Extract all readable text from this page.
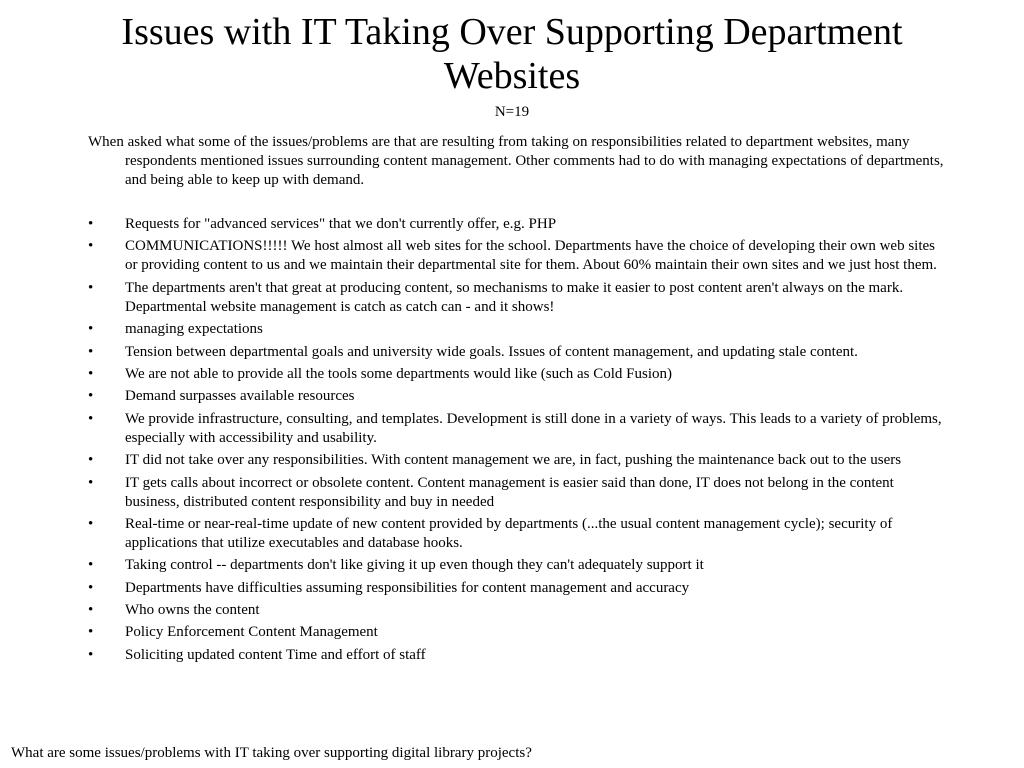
Issues with IT Taking Over Supporting Department Websites
N=19

When asked what some of the issues/problems are that are resulting from taking on responsibilities related to department websites, many respondents mentioned issues surrounding content management. Other comments had to do with managing expectations of departments, and being able to keep up with demand.

• Requests for "advanced services" that we don't currently offer, e.g. PHP
• COMMUNICATIONS!!!!! We host almost all web sites for the school. Departments have the choice of developing their own web sites or providing content to us and we maintain their departmental site for them. About 60% maintain their own sites and we just host them.
• The departments aren't that great at producing content, so mechanisms to make it easier to post content aren't always on the mark. Departmental website management is catch as catch can - and it shows!
• managing expectations
• Tension between departmental goals and university wide goals. Issues of content management, and updating stale content.
• We are not able to provide all the tools some departments would like (such as Cold Fusion)
• Demand surpasses available resources
• We provide infrastructure, consulting, and templates. Development is still done in a variety of ways. This leads to a variety of problems, especially with accessibility and usability.
• IT did not take over any responsibilities. With content management we are, in fact, pushing the maintenance back out to the users
• IT gets calls about incorrect or obsolete content. Content management is easier said than done, IT does not belong in the content business, distributed content responsibility and buy in needed
• Real-time or near-real-time update of new content provided by departments (...the usual content management cycle); security of applications that utilize executables and database hooks.
• Taking control -- departments don't like giving it up even though they can't adequately support it
• Departments have difficulties assuming responsibilities for content management and accuracy
• Who owns the content
• Policy Enforcement Content Management
• Soliciting updated content Time and effort of staff
What are some issues/problems with IT taking over supporting digital library projects?
